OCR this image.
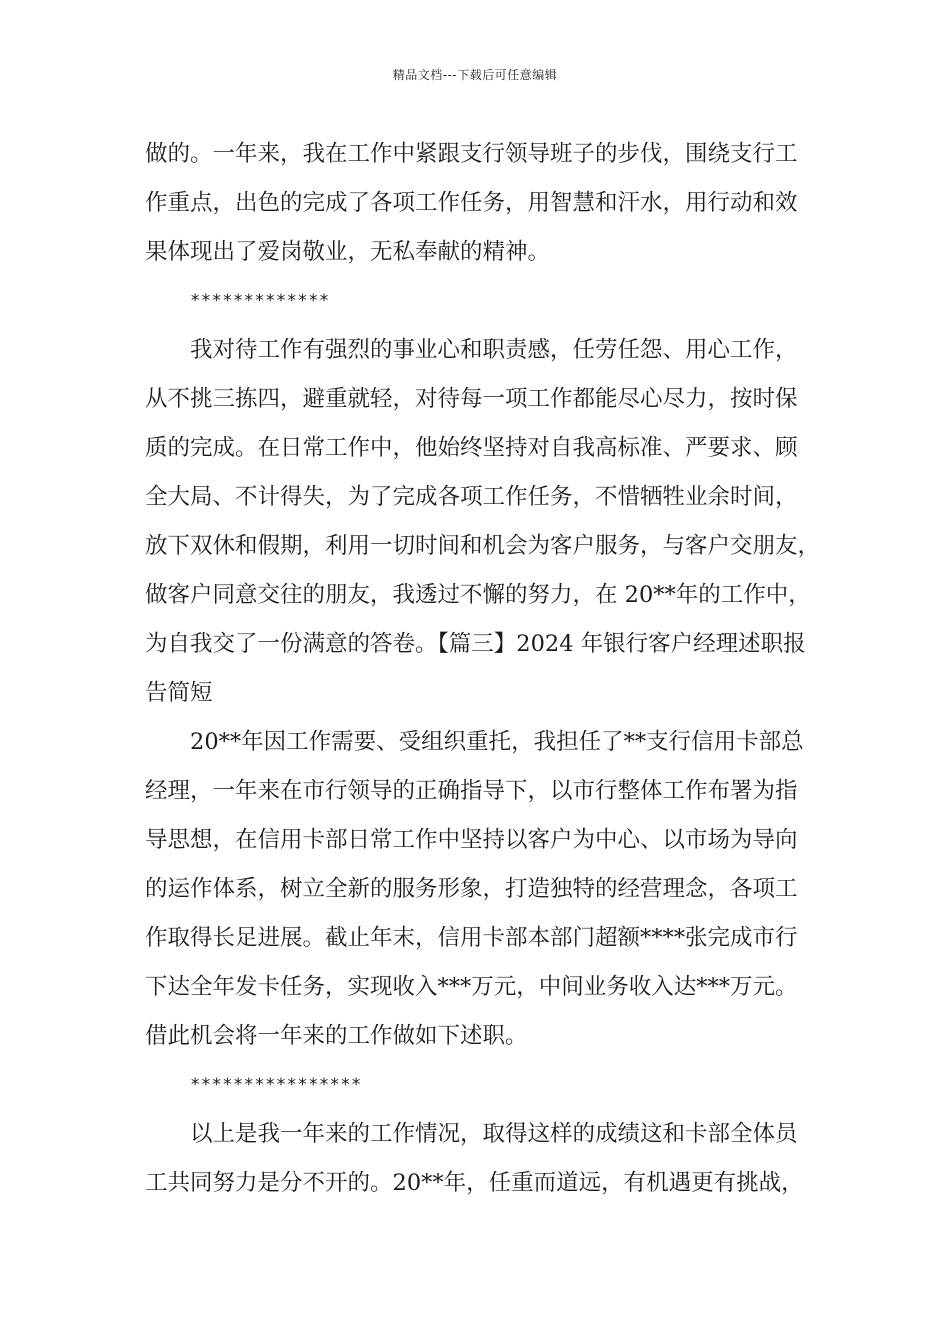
精品文档---下载后可任意编辑
做的。一年来，我在工作中紧跟支行领导班子的步伐，围绕支行工
作重点，出色的完成了各项工作任务，用智慧和汗水，用行动和效
果体现出了爱岗敬业，无私奉献的精神。
*************
我对待工作有强烈的事业心和职责感，任劳任怨、用心工作，
从不挑三拣四，避重就轻，对待每一项工作都能尽心尽力，按时保
质的完成。在日常工作中，他始终坚持对自我高标准、严要求、顾
全大局、不计得失，为了完成各项工作任务，不惜牺牲业余时间，
放下双休和假期，利用一切时间和机会为客户服务，与客户交朋友，
做客户同意交往的朋友，我透过不懈的努力，在 20**年的工作中，
为自我交了一份满意的答卷。【篇三】2024 年银行客户经理述职报
告简短
20**年因工作需要、受组织重托，我担任了**支行信用卡部总
经理，一年来在市行领导的正确指导下，以市行整体工作布署为指
导思想，在信用卡部日常工作中坚持以客户为中心、以市场为导向
的运作体系，树立全新的服务形象，打造独特的经营理念，各项工
作取得长足进展。截止年末，信用卡部本部门超额****张完成市行
下达全年发卡任务，实现收入***万元，中间业务收入达***万元。
借此机会将一年来的工作做如下述职。
****************
以上是我一年来的工作情况，取得这样的成绩这和卡部全体员
工共同努力是分不开的。20**年，任重而道远，有机遇更有挑战，
